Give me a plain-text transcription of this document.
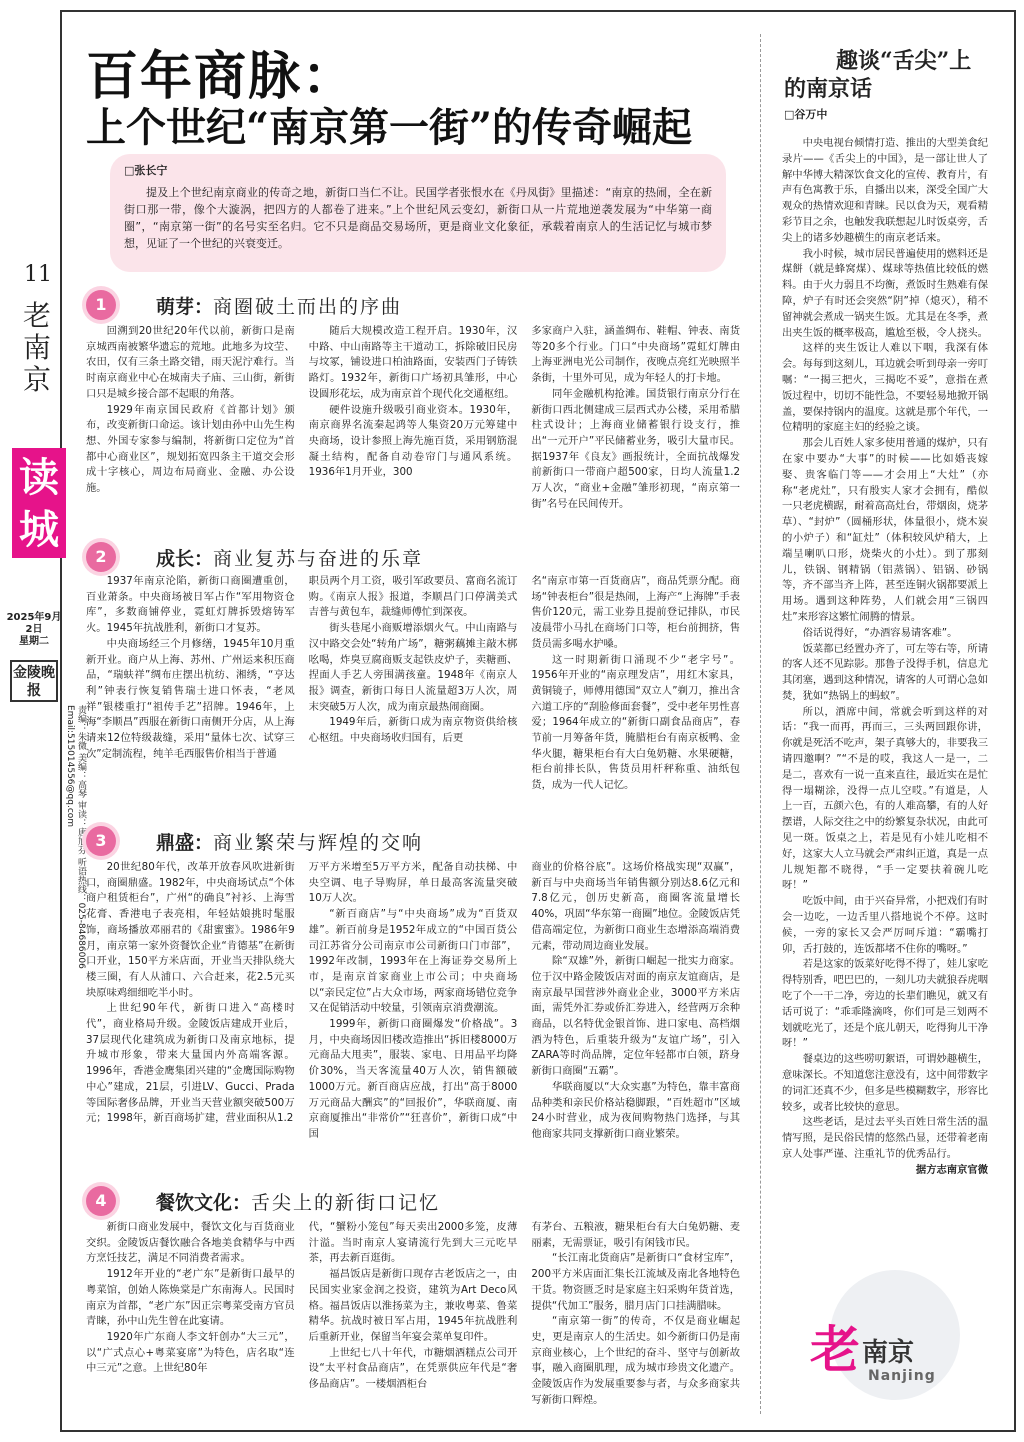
11
老南京
读城
2025年9月2日
星期二
金陵晚报
责编：朱微 美编：高琴 审读：唐旭芬 听语热线：025-84686006 Email:515014556@qq.com
百年商脉：
上个世纪“南京第一街”的传奇崛起
□张长宁

提及上个世纪南京商业的传奇之地，新街口当仁不让。民国学者张恨水在《丹凤街》里描述：“南京的热闹，全在新街口那一带，像个大漩涡，把四方的人都卷了进来。”上个世纪风云变幻，新街口从一片荒地逆袭发展为“中华第一商圈”，“南京第一街”的名号实至名归。它不只是商品交易场所，更是商业文化象征，承载着南京人的生活记忆与城市梦想，见证了一个世纪的兴衰变迁。

1	萌芽：商圈破土而出的序曲

回溯到20世纪20年代以前，新街口是南京城西南被繁华遗忘的荒地。此地多为坟茔、农田，仅有三条土路交错，雨天泥泞难行。当时南京商业中心在城南夫子庙、三山街，新街口只是城乡接合部不起眼的角落。

1929年南京国民政府《首都计划》颁布，改变新街口命运。该计划由孙中山先生构想、外国专家参与编制，将新街口定位为“首都中心商业区”，规划拓宽四条主干道交会形成十字核心，周边布局商业、金融、办公设施。

随后大规模改造工程开启。1930年，汉中路、中山南路等主干道动工，拆除破旧民房与坟冢，铺设进口柏油路面，安装西门子铸铁路灯。1932年，新街口广场初具雏形，中心设圆形花坛，成为南京首个现代化交通枢纽。

硬件设施升级吸引商业资本。1930年，南京商界名流秦起鸿等人集资20万元筹建中央商场，设计参照上海先施百货，采用钢筋混凝土结构，配备自动卷帘门与通风系统。1936年1月开业，300

多家商户入驻，涵盖绸布、鞋帽、钟表、南货等20多个行业。门口“中央商场”霓虹灯牌由上海亚洲电光公司制作，夜晚点亮红光映照半条街，十里外可见，成为年轻人的打卡地。

同年金融机构抢滩。国货银行南京分行在新街口西北侧建成三层西式办公楼，采用希腊柱式设计；上海商业储蓄银行设支行，推出“一元开户”平民储蓄业务，吸引大量市民。据1937年《良友》画报统计，全面抗战爆发前新街口一带商户超500家，日均人流量1.2万人次，“商业+金融”雏形初现，“南京第一街”名号在民间传开。

2	成长：商业复苏与奋进的乐章

1937年南京沦陷，新街口商圈遭重创，百业萧条。中央商场被日军占作“军用物资仓库”，多数商铺停业，霓虹灯牌拆毁熔铸军火。1945年抗战胜利，新街口才复苏。

中央商场经三个月修缮，1945年10月重新开业。商户从上海、苏州、广州运来积压商品，“瑞蚨祥”绸布庄摆出杭纺、湘绣，“亨达利”钟表行恢复销售瑞士进口怀表，“老凤祥”银楼重打“祖传手艺”招牌。1946年，上海“李顺昌”西服在新街口南侧开分店，从上海请来12位特级裁缝，采用“量体七次、试穿三次”定制流程，纯羊毛西服售价相当于普通

职员两个月工资，吸引军政要员、富商名流订购。《南京人报》报道，李顺昌门口停满美式吉普与黄包车，裁缝师傅忙到深夜。

街头巷尾小商贩增添烟火气。中山南路与汉中路交会处“转角广场”，糖粥藕摊主敲木梆吆喝，炸臭豆腐商贩支起铁皮炉子，卖糖画、捏面人手艺人旁围满孩童。1948年《南京人报》调查，新街口每日人流量超3万人次，周末突破5万人次，成为南京最热闹商圈。

1949年后，新街口成为南京物资供给核心枢纽。中央商场收归国有，后更

名“南京市第一百货商店”，商品凭票分配。商场“钟表柜台”很是热闹，上海产“上海牌”手表售价120元，需工业券且提前登记排队，市民凌晨带小马扎在商场门口等，柜台前拥挤，售货员需多喝水护嗓。

这一时期新街口涌现不少“老字号”。1956年开业的“南京理发店”，用红木家具，黄铜镜子，师傅用德国“双立人”剃刀，推出含六道工序的“刮脸修面套餐”，受中老年男性喜爱；1964年成立的“新街口副食品商店”，春节前一月筹备年货，腌腊柜台有南京板鸭、金华火腿，糖果柜台有大白兔奶糖、水果硬糖，柜台前排长队，售货员用杆秤称重、油纸包货，成为一代人记忆。

3	鼎盛：商业繁荣与辉煌的交响

20世纪80年代，改革开放春风吹进新街口，商圈鼎盛。1982年，中央商场试点“个体商户租赁柜台”，广州“的确良”衬衫、上海雪花膏、香港电子表亮相，年轻姑娘挑时髦服饰，商场播放邓丽君的《甜蜜蜜》。1986年9月，南京第一家外资餐饮企业“肯德基”在新街口开业，150平方米店面，开业当天排队绕大楼三圈，有人从浦口、六合赶来，花2.5元买块原味鸡细细吃半小时。

上世纪90年代，新街口进入“高楼时代”，商业格局升级。金陵饭店建成开业后，37层现代化建筑成为新街口及南京地标，提升城市形象，带来大量国内外高端客源。1996年，香港金鹰集团兴建的“金鹰国际购物中心”建成，21层，引进LV、Gucci、Prada等国际奢侈品牌，开业当天营业额突破500万元；1998年，新百商场扩建，营业面积从1.2

万平方米增至5万平方米，配备自动扶梯、中央空调、电子导购屏，单日最高客流量突破10万人次。

“新百商店”与“中央商场”成为“百货双雄”。新百前身是1952年成立的“中国百货公司江苏省分公司南京市公司新街口门市部”，1992年改制，1993年在上海证券交易所上市，是南京首家商业上市公司；中央商场以“亲民定位”占大众市场，两家商场错位竞争又在促销活动中较量，引领南京消费潮流。

1999年，新街口商圈爆发“价格战”。3月，中央商场因旧楼改造推出“拆旧楼8000万元商品大甩卖”，服装、家电、日用品平均降价30%，当天客流量40万人次，销售额破1000万元。新百商店应战，打出“高于8000万元商品大酬宾”的“回报价”，华联商厦、南京商厦推出“非常价”“狂喜价”，新街口成“中国

商业的价格谷底”。这场价格战实现“双赢”，新百与中央商场当年销售额分别达8.6亿元和7.8亿元，创历史新高，商圈客流量增长40%，巩固“华东第一商圈”地位。金陵饭店凭借高端定位，为新街口商业生态增添高端消费元素，带动周边商业发展。

除“双雄”外，新街口崛起一批实力商家。位于汉中路金陵饭店对面的南京友谊商店，是南京最早国营涉外商业企业，3000平方米店面，需凭外汇券或侨汇券进入，经营两万余种商品，以名特优金银首饰、进口家电、高档烟酒为特色，后重装升级为“友谊广场”，引入ZARA等时尚品牌，定位年轻都市白领，跻身新街口商圈“五霸”。

华联商厦以“大众实惠”为特色，靠丰富商品种类和亲民价格站稳脚跟，“百姓超市”区域24小时营业，成为夜间购物热门选择，与其他商家共同支撑新街口商业繁荣。

4	餐饮文化：舌尖上的新街口记忆

新街口商业发展中，餐饮文化与百货商业交织。金陵饭店餐饮融合各地美食精华与中西方烹饪技艺，满足不同消费者需求。

1912年开业的“老广东”是新街口最早的粤菜馆，创始人陈焕棠是广东南海人。民国时南京为首都，“老广东”因正宗粤菜受南方官员青睐，孙中山先生曾在此宴请。

1920年广东商人李文轩创办“大三元”，以“广式点心+粤菜宴席”为特色，店名取“连中三元”之意。上世纪80年

代，“蟹粉小笼包”每天卖出2000多笼，皮薄汁溢。当时南京人宴请流行先到大三元吃早茶，再去新百逛街。

福昌饭店是新街口现存古老饭店之一，由民国实业家金润之投资，建筑为Art Deco风格。福昌饭店以淮扬菜为主，兼收粤菜、鲁菜精华。抗战时被日军占用，1945年抗战胜利后重新开业，保留当年宴会菜单复印件。

上世纪七八十年代，市糖烟酒糕点公司开设“太平村食品商店”，在凭票供应年代是“奢侈品商店”。一楼烟酒柜台

有茅台、五粮液，糖果柜台有大白兔奶糖、麦丽素，无需票证，吸引有闲钱市民。

“长江南北货商店”是新街口“食材宝库”，200平方米店面汇集长江流域及南北各地特色干货。物资匮乏时是家庭主妇采购年货首选，提供“代加工”服务，腊月店门口挂满腊味。

“南京第一街”的传奇，不仅是商业崛起史，更是南京人的生活史。如今新街口仍是南京商业核心，上个世纪的奋斗、坚守与创新故事，融入商圈肌理，成为城市珍贵文化遗产。金陵饭店作为发展重要参与者，与众多商家共写新街口辉煌。

趣谈“舌尖”上
的南京话
□谷万中

中央电视台倾情打造、推出的大型美食纪录片——《舌尖上的中国》，是一部让世人了解中华博大精深饮食文化的宣传、教育片，有声有色寓教于乐，自播出以来，深受全国广大观众的热情欢迎和青睐。民以食为天，观看精彩节目之余，也触发我联想起儿时饭桌旁，舌尖上的诸多妙趣横生的南京老话来。

我小时候，城市居民普遍使用的燃料还是煤餅（就是蜂窝煤）、煤球等热值比较低的燃料。由于火力弱且不均衡，煮饭时生熟难有保障，炉子有时还会突然“阴”掉（熄灭），稍不留神就会煮成一锅夹生饭。尤其是在冬季，煮出夹生饭的概率极高，尴尬至极，令人挠头。

这样的夹生饭让人难以下咽，我深有体会。每每到这刻儿，耳边就会听到母亲一旁叮嘱：“一揭三把火，三揭吃不妥”，意指在煮饭过程中，切切不能性急，不要轻易地掀开锅盖，要保持锅内的温度。这就是那个年代，一位精明的家庭主妇的经验之谈。

那会儿百姓人家多使用普通的煤炉，只有在家中要办“大事”的时候——比如婚丧嫁娶、贵客临门等——才会用上“大灶”（亦称“老虎灶”，只有殷实人家才会拥有，酷似一只老虎横踞，耐着高高灶台，带烟囱，烧茅草）、“封炉”（圆桶形状，体量很小，烧木炭的小炉子）和“缸灶”（体积较风炉稍大，上端呈喇叭口形，烧柴火的小灶）。到了那刻儿，铁锅、钢精锅（铝蒸锅）、铝锅、砂锅等，齐不部当齐上阵，甚至连铜火锅都要派上用场。遇到这种阵势，人们就会用“三锅四灶”来形容这繁忙闹腾的情景。

俗话说得好，“办酒容易请客难”。

饭菜都已经置办齐了，可左等右等，所请的客人还不见踪影。那鲁子没得手机，信息尤其闭塞，遇到这种情况，请客的人可谓心急如焚，犹如“热锅上的蚂蚁”。

所以，酒席中间，常就会听到这样的对话：“我一而再，再而三，三头两回跟你讲，你就是死活不吃声，架子真够大的，非要我三请四邀啊？”“不是的哎，我这人一是一，二是二，喜欢有一说一直来直往，最近实在是忙得一塌糊涂，没得一点儿空哎。”有道是，人上一百，五颜六色，有的人难高攀，有的人好摆谱，人际交往之中的纷繁复杂状况，由此可见一斑。饭桌之上，若是见有小娃儿吃相不好，这家大人立马就会严肃纠正道，真是一点儿规矩都不晓得，“手一定要扶着碗儿吃呀！”

吃饭中间，由于兴奋异常，小把戏们有时会一边吃，一边舌里八搭地说个不停。这时候，一旁的家长又会严厉呵斥道：“霸嘴打卯，舌打鼓的，连饭都堵不住你的嘴呀。”

若是这家的饭菜好吃得不得了，娃儿家吃得特别香，吧巴巴的，一刻儿功夫就狼吞虎咽吃了个一干二净，旁边的长辈们瞧见，就又有话可说了：“乖乖隆滴咚，你们可是三划两不划就吃光了，还是个底儿朝天，吃得狗儿干净呀！”

餐桌边的这些唠叨絮语，可谓妙趣横生，意味深长。不知道您注意没有，这中间带数字的词汇还真不少，但多是些模糊数字，形容比较多，或者比较快的意思。

这些老话，是过去平头百姓日常生活的温情写照，是民俗民情的悠然凸显，还带着老南京人处事严谨、注重礼节的优秀品行。

据方志南京官微

老 南京
Nanjing
